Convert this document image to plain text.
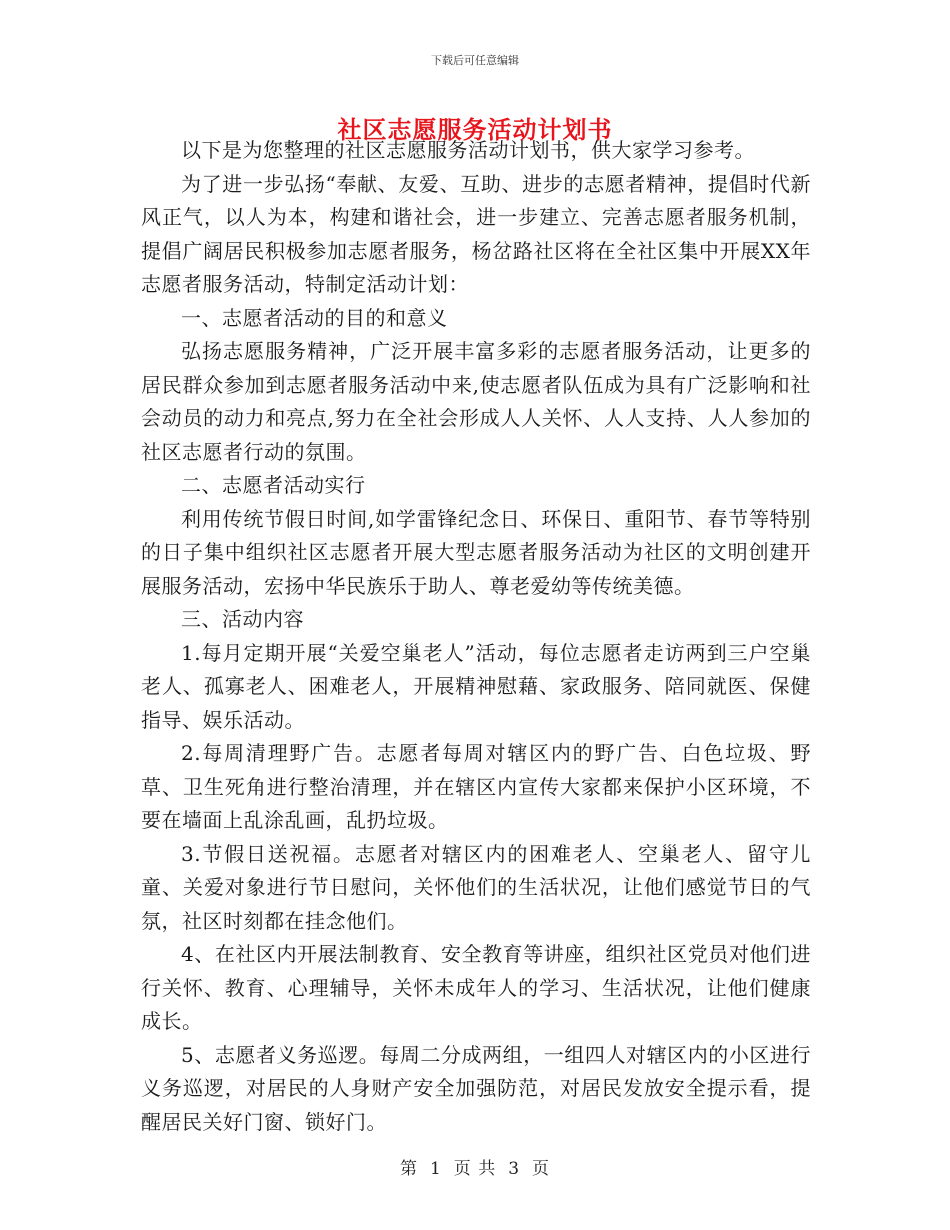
下载后可任意编辑
社区志愿服务活动计划书

以下是为您整理的社区志愿服务活动计划书，供大家学习参考。

为了进一步弘扬“奉献、友爱、互助、进步的志愿者精神，提倡时代新风正气，以人为本，构建和谐社会，进一步建立、完善志愿者服务机制，提倡广阔居民积极参加志愿者服务，杨岔路社区将在全社区集中开展XX年志愿者服务活动，特制定活动计划：

一、志愿者活动的目的和意义

弘扬志愿服务精神，广泛开展丰富多彩的志愿者服务活动，让更多的居民群众参加到志愿者服务活动中来,使志愿者队伍成为具有广泛影响和社会动员的动力和亮点,努力在全社会形成人人关怀、人人支持、人人参加的社区志愿者行动的氛围。

二、志愿者活动实行

利用传统节假日时间,如学雷锋纪念日、环保日、重阳节、春节等特别的日子集中组织社区志愿者开展大型志愿者服务活动为社区的文明创建开展服务活动，宏扬中华民族乐于助人、尊老爱幼等传统美德。

三、活动内容

1.每月定期开展“关爱空巢老人”活动，每位志愿者走访两到三户空巢老人、孤寡老人、困难老人，开展精神慰藉、家政服务、陪同就医、保健指导、娱乐活动。

2.每周清理野广告。志愿者每周对辖区内的野广告、白色垃圾、野草、卫生死角进行整治清理，并在辖区内宣传大家都来保护小区环境，不要在墙面上乱涂乱画，乱扔垃圾。

3.节假日送祝福。志愿者对辖区内的困难老人、空巢老人、留守儿童、关爱对象进行节日慰问，关怀他们的生活状况，让他们感觉节日的气氛，社区时刻都在挂念他们。

4、在社区内开展法制教育、安全教育等讲座，组织社区党员对他们进行关怀、教育、心理辅导，关怀未成年人的学习、生活状况，让他们健康成长。

5、志愿者义务巡逻。每周二分成两组，一组四人对辖区内的小区进行义务巡逻，对居民的人身财产安全加强防范，对居民发放安全提示看，提醒居民关好门窗、锁好门。

第 1 页 共 3 页
